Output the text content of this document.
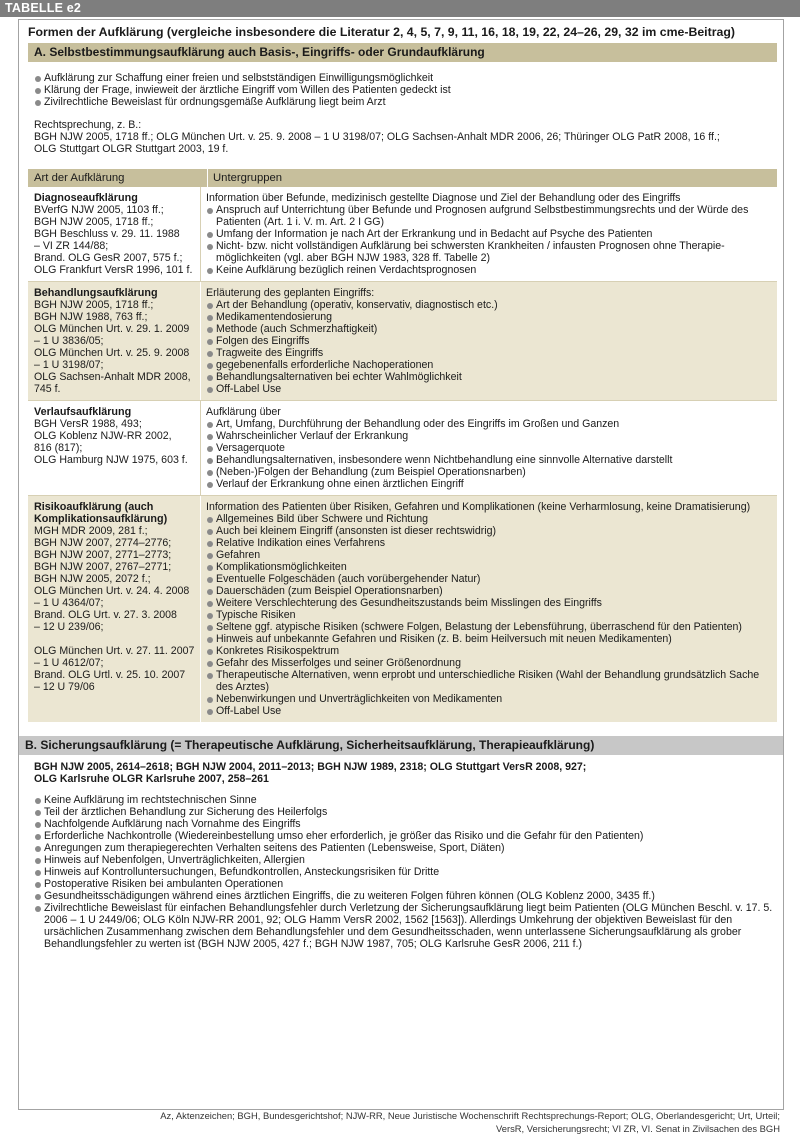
TABELLE e2
Formen der Aufklärung (vergleiche insbesondere die Literatur 2, 4, 5, 7, 9, 11, 16, 18, 19, 22, 24–26, 29, 32 im cme-Beitrag)
A. Selbstbestimmungsaufklärung auch Basis-, Eingriffs- oder Grundaufklärung
Aufklärung zur Schaffung einer freien und selbstständigen Einwilligungsmöglichkeit
Klärung der Frage, inwieweit der ärztliche Eingriff vom Willen des Patienten gedeckt ist
Zivilrechtliche Beweislast für ordnungsgemäße Aufklärung liegt beim Arzt
Rechtsprechung, z. B.:
BGH NJW 2005, 1718 ff.; OLG München Urt. v. 25. 9. 2008 – 1 U 3198/07; OLG Sachsen-Anhalt MDR 2006, 26; Thüringer OLG PatR 2008, 16 ff.;
OLG Stuttgart OLGR Stuttgart 2003, 19 f.
Art der Aufklärung	Untergruppen
Diagnoseaufklärung
BVerfG NJW 2005, 1103 ff.;
BGH NJW 2005, 1718 ff.;
BGH Beschluss v. 29. 11. 1988
– VI ZR 144/88;
Brand. OLG GesR 2007, 575 f.;
OLG Frankfurt VersR 1996, 101 f.
Information über Befunde, medizinisch gestellte Diagnose und Ziel der Behandlung oder des Eingriffs
Anspruch auf Unterrichtung über Befunde und Prognosen aufgrund Selbstbestimmungsrechts und der Würde des Patienten (Art. 1 i. V. m. Art. 2 I GG)
Umfang der Information je nach Art der Erkrankung und in Bedacht auf Psyche des Patienten
Nicht- bzw. nicht vollständigen Aufklärung bei schwersten Krankheiten / infausten Prognosen ohne Therapiemöglichkeiten (vgl. aber BGH NJW 1983, 328 ff. Tabelle 2)
Keine Aufklärung bezüglich reinen Verdachtsprognosen
Behandlungsaufklärung
BGH NJW 2005, 1718 ff.;
BGH NJW 1988, 763 ff.;
OLG München Urt. v. 29. 1. 2009
– 1 U 3836/05;
OLG München Urt. v. 25. 9. 2008
– 1 U 3198/07;
OLG Sachsen-Anhalt MDR 2008,
745 f.
Erläuterung des geplanten Eingriffs:
Art der Behandlung (operativ, konservativ, diagnostisch etc.)
Medikamentendosierung
Methode (auch Schmerzhaftigkeit)
Folgen des Eingriffs
Tragweite des Eingriffs
gegebenenfalls erforderliche Nachoperationen
Behandlungsalternativen bei echter Wahlmöglichkeit
Off-Label Use
Verlaufsaufklärung
BGH VersR 1988, 493;
OLG Koblenz NJW-RR 2002,
816 (817);
OLG Hamburg NJW 1975, 603 f.
Aufklärung über
Art, Umfang, Durchführung der Behandlung oder des Eingriffs im Großen und Ganzen
Wahrscheinlicher Verlauf der Erkrankung
Versagerquote
Behandlungsalternativen, insbesondere wenn Nichtbehandlung eine sinnvolle Alternative darstellt
(Neben-)Folgen der Behandlung (zum Beispiel Operationsnarben)
Verlauf der Erkrankung ohne einen ärztlichen Eingriff
Risikoaufklärung (auch Komplikationsaufklärung)
MGH MDR 2009, 281 f.;
BGH NJW 2007, 2774–2776;
BGH NJW 2007, 2771–2773;
BGH NJW 2007, 2767–2771;
BGH NJW 2005, 2072 f.;
OLG München Urt. v. 24. 4. 2008
– 1 U 4364/07;
Brand. OLG Urt. v. 27. 3. 2008
– 12 U 239/06;
OLG München Urt. v. 27. 11. 2007
– 1 U 4612/07;
Brand. OLG Urtl. v. 25. 10. 2007
– 12 U 79/06
Information des Patienten über Risiken, Gefahren und Komplikationen (keine Verharmlosung, keine Dramatisierung)
Allgemeines Bild über Schwere und Richtung
Auch bei kleinem Eingriff (ansonsten ist dieser rechtswidrig)
Relative Indikation eines Verfahrens
Gefahren
Komplikationsmöglichkeiten
Eventuelle Folgeschäden (auch vorübergehender Natur)
Dauerschäden (zum Beispiel Operationsnarben)
Weitere Verschlechterung des Gesundheitszustands beim Misslingen des Eingriffs
Typische Risiken
Seltene ggf. atypische Risiken (schwere Folgen, Belastung der Lebensführung, überraschend für den Patienten)
Hinweis auf unbekannte Gefahren und Risiken (z. B. beim Heilversuch mit neuen Medikamenten)
Konkretes Risikospektrum
Gefahr des Misserfolges und seiner Größenordnung
Therapeutische Alternativen, wenn erprobt und unterschiedliche Risiken (Wahl der Behandlung grundsätzlich Sache des Arztes)
Nebenwirkungen und Unverträglichkeiten von Medikamenten
Off-Label Use
B. Sicherungsaufklärung (= Therapeutische Aufklärung, Sicherheitsaufklärung, Therapieaufklärung)
BGH NJW 2005, 2614–2618; BGH NJW 2004, 2011–2013; BGH NJW 1989, 2318; OLG Stuttgart VersR 2008, 927;
OLG Karlsruhe OLGR Karlsruhe 2007, 258–261
Keine Aufklärung im rechtstechnischen Sinne
Teil der ärztlichen Behandlung zur Sicherung des Heilerfolgs
Nachfolgende Aufklärung nach Vornahme des Eingriffs
Erforderliche Nachkontrolle (Wiedereinbestellung umso eher erforderlich, je größer das Risiko und die Gefahr für den Patienten)
Anregungen zum therapiegerechten Verhalten seitens des Patienten (Lebensweise, Sport, Diäten)
Hinweis auf Nebenfolgen, Unverträglichkeiten, Allergien
Hinweis auf Kontrolluntersuchungen, Befundkontrollen, Ansteckungsrisiken für Dritte
Postoperative Risiken bei ambulanten Operationen
Gesundheitsschädigungen während eines ärztlichen Eingriffs, die zu weiteren Folgen führen können (OLG Koblenz 2000, 3435 ff.)
Zivilrechtliche Beweislast für einfachen Behandlungsfehler durch Verletzung der Sicherungsaufklärung liegt beim Patienten (OLG München Beschl. v. 17. 5. 2006 – 1 U 2449/06; OLG Köln NJW-RR 2001, 92; OLG Hamm VersR 2002, 1562 [1563]). Allerdings Umkehrung der objektiven Beweislast für den ursächlichen Zusammenhang zwischen dem Behandlungsfehler und dem Gesundheitsschaden, wenn unterlassene Sicherungsaufklärung als grober Behandlungsfehler zu werten ist (BGH NJW 2005, 427 f.; BGH NJW 1987, 705; OLG Karlsruhe GesR 2006, 211 f.)
Az, Aktenzeichen; BGH, Bundesgerichtshof; NJW-RR, Neue Juristische Wochenschrift Rechtsprechungs-Report; OLG, Oberlandesgericht; Urt, Urteil;
VersR, Versicherungsrecht; VI ZR, VI. Senat in Zivilsachen des BGH
